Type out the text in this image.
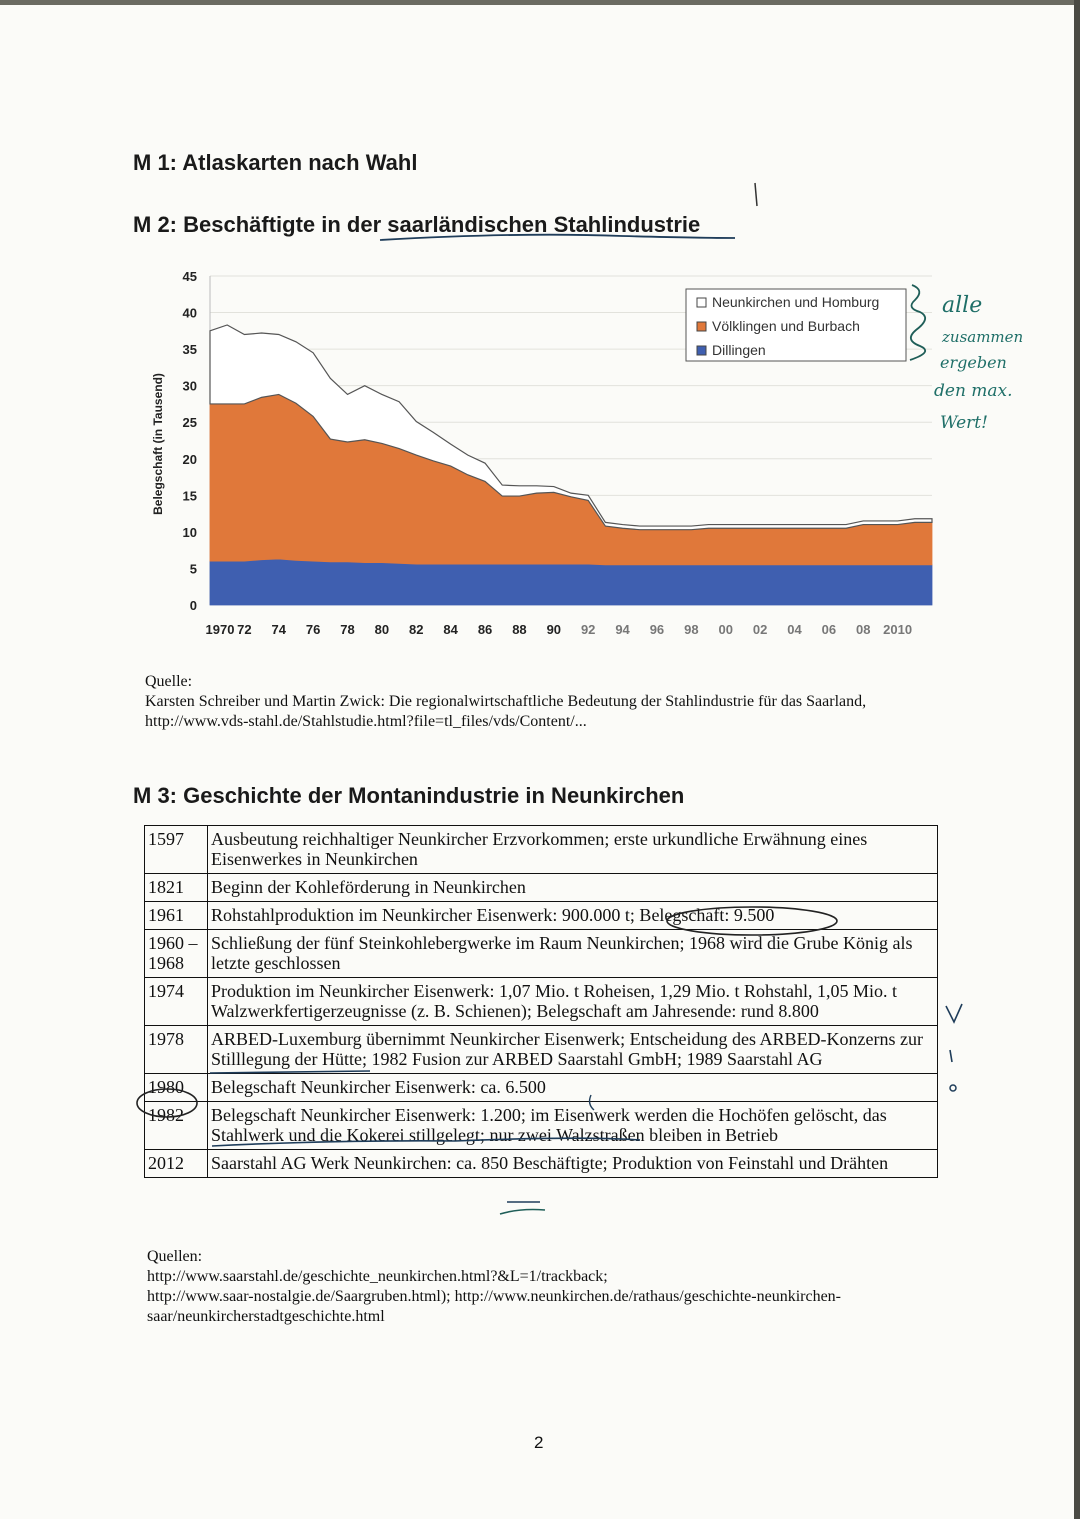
M 1: Atlaskarten nach Wahl
M 2: Beschäftigte in der saarländischen Stahlindustrie
0
5
10
15
20
25
30
35
40
45
1970 72 74 76 78 80 82 84 86 88 90 92 94 96 98 00 02 04 06 08 2010
Belegschaft (in Tausend)
Neunkirchen und Homburg
Völklingen und Burbach
Dillingen
Quelle:
Karsten Schreiber und Martin Zwick: Die regionalwirtschaftliche Bedeutung der Stahlindustrie für das Saarland, http://www.vds-stahl.de/Stahlstudie.html?file=tl_files/vds/Content/...
M 3: Geschichte der Montanindustrie in Neunkirchen
1597	Ausbeutung reichhaltiger Neunkircher Erzvorkommen; erste urkundliche Erwähnung eines Eisenwerkes in Neunkirchen
1821	Beginn der Kohleförderung in Neunkirchen
1961	Rohstahlproduktion im Neunkircher Eisenwerk: 900.000 t; Belegschaft: 9.500
1960 – 1968	Schließung der fünf Steinkohlebergwerke im Raum Neunkirchen; 1968 wird die Grube König als letzte geschlossen
1974	Produktion im Neunkircher Eisenwerk: 1,07 Mio. t Roheisen, 1,29 Mio. t Rohstahl, 1,05 Mio. t Walzwerkfertigerzeugnisse (z. B. Schienen); Belegschaft am Jahresende: rund 8.800
1978	ARBED-Luxemburg übernimmt Neunkircher Eisenwerk; Entscheidung des ARBED-Konzerns zur Stilllegung der Hütte; 1982 Fusion zur ARBED Saarstahl GmbH; 1989 Saarstahl AG
1980	Belegschaft Neunkircher Eisenwerk: ca. 6.500
1982	Belegschaft Neunkircher Eisenwerk: 1.200; im Eisenwerk werden die Hochöfen gelöscht, das Stahlwerk und die Kokerei stillgelegt; nur zwei Walzstraßen bleiben in Betrieb
2012	Saarstahl AG Werk Neunkirchen: ca. 850 Beschäftigte; Produktion von Feinstahl und Drähten
Quellen:
http://www.saarstahl.de/geschichte_neunkirchen.html?&L=1/trackback;
http://www.saar-nostalgie.de/Saargruben.html); http://www.neunkirchen.de/rathaus/geschichte-neunkirchen-saar/neunkircherstadtgeschichte.html
2
alle
zusammen
ergeben
den max.
Wert!
